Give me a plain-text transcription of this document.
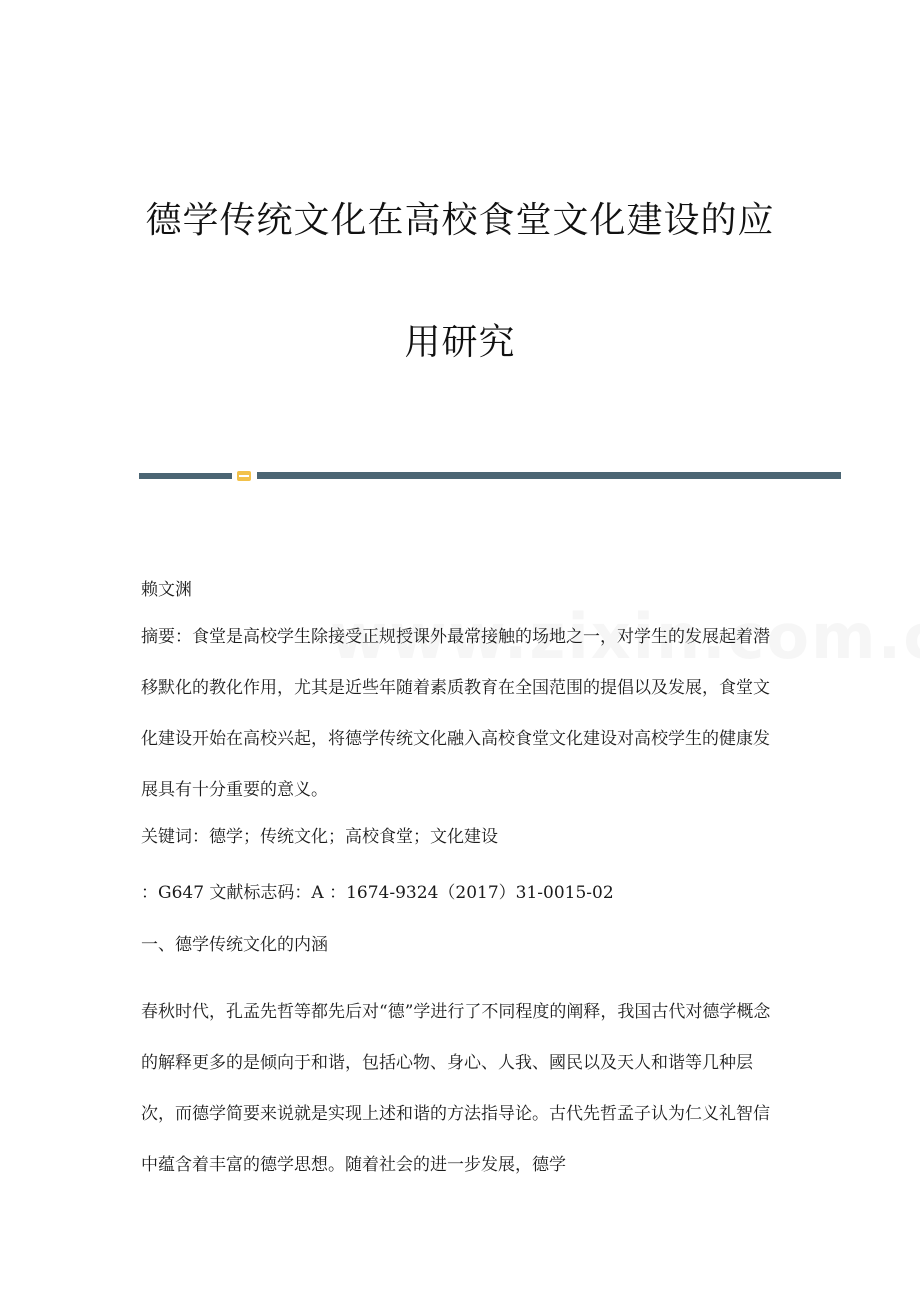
德学传统文化在高校食堂文化建设的应
用研究

赖文渊

摘要：食堂是高校学生除接受正规授课外最常接触的场地之一，对学生的发展起着潜移默化的教化作用，尤其是近些年随着素质教育在全国范围的提倡以及发展，食堂文化建设开始在高校兴起，将德学传统文化融入高校食堂文化建设对高校学生的健康发展具有十分重要的意义。

关键词：德学；传统文化；高校食堂；文化建设

：G647 文献标志码：A ：1674-9324（2017）31-0015-02

一、德学传统文化的内涵

春秋时代，孔孟先哲等都先后对“德”学进行了不同程度的阐释，我国古代对德学概念的解释更多的是倾向于和谐，包括心物、身心、人我、國民以及天人和谐等几种层次，而德学简要来说就是实现上述和谐的方法指导论。古代先哲孟子认为仁义礼智信中蕴含着丰富的德学思想。随着社会的进一步发展，德学
